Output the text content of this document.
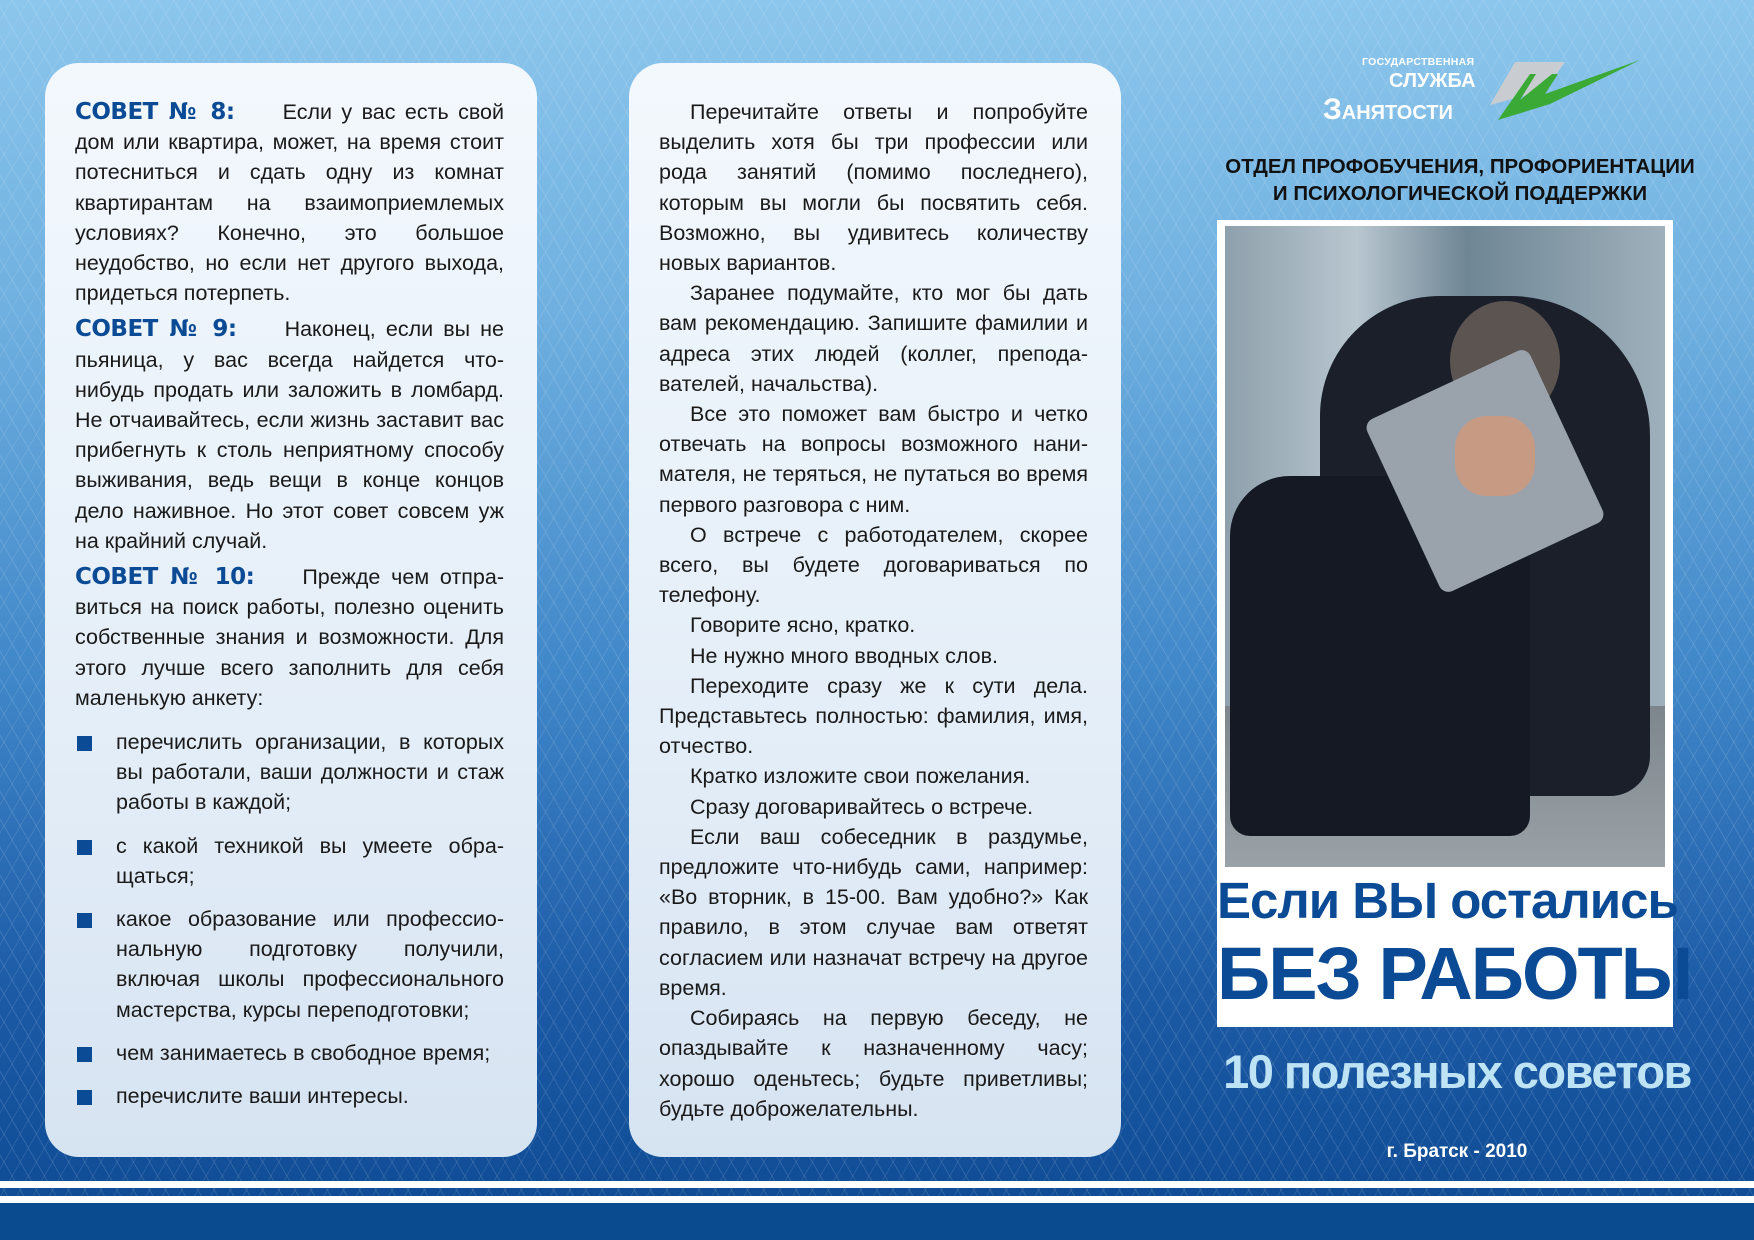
СОВЕТ № 8: Если у вас есть свой дом или квартира, может, на время стоит потесниться и сдать одну из комнат квартирантам на взаимоприемлемых условиях? Конечно, это большое неудобство, но если нет другого выхода, придеться потерпеть.

СОВЕТ № 9: Наконец, если вы не пьяница, у вас всегда найдется что-нибудь продать или заложить в ломбард. Не отчаивайтесь, если жизнь заставит вас прибегнуть к столь неприятному способу выживания, ведь вещи в конце концов дело наживное. Но этот совет совсем уж на крайний случай.

СОВЕТ № 10: Прежде чем отправиться на поиск работы, полезно оценить собственные знания и возможности. Для этого лучше всего заполнить для себя маленькую анкету:

перечислить организации, в которых вы работали, ваши должности и стаж работы в каждой;
с какой техникой вы умеете обращаться;
какое образование или профессиональную подготовку получили, включая школы профессионального мастерства, курсы переподготовки;
чем занимаетесь в свободное время;
перечислите ваши интересы.

Перечитайте ответы и попробуйте выделить хотя бы три профессии или рода занятий (помимо последнего), которым вы могли бы посвятить себя. Возможно, вы удивитесь количеству новых вариантов.

Заранее подумайте, кто мог бы дать вам рекомендацию. Запишите фамилии и адреса этих людей (коллег, преподавателей, начальства).

Все это поможет вам быстро и четко отвечать на вопросы возможного нанимателя, не теряться, не путаться во время первого разговора с ним.

О встрече с работодателем, скорее всего, вы будете договариваться по телефону.

Говорите ясно, кратко.

Не нужно много вводных слов.

Переходите сразу же к сути дела. Представьтесь полностью: фамилия, имя, отчество.

Кратко изложите свои пожелания.

Сразу договаривайтесь о встрече.

Если ваш собеседник в раздумье, предложите что-нибудь сами, например: «Во вторник, в 15-00. Вам удобно?» Как правило, в этом случае вам ответят согласием или назначат встречу на другое время.

Собираясь на первую беседу, не опаздывайте к назначенному часу; хорошо оденьтесь; будьте приветливы; будьте доброжелательны.

ГОСУДАРСТВЕННАЯ
СЛУЖБА
ЗАНЯТОСТИ
ОТДЕЛ ПРОФОБУЧЕНИЯ, ПРОФОРИЕНТАЦИИ
И ПСИХОЛОГИЧЕСКОЙ ПОДДЕРЖКИ
Если ВЫ остались
БЕЗ РАБОТЫ
10 полезных советов
г. Братск - 2010
